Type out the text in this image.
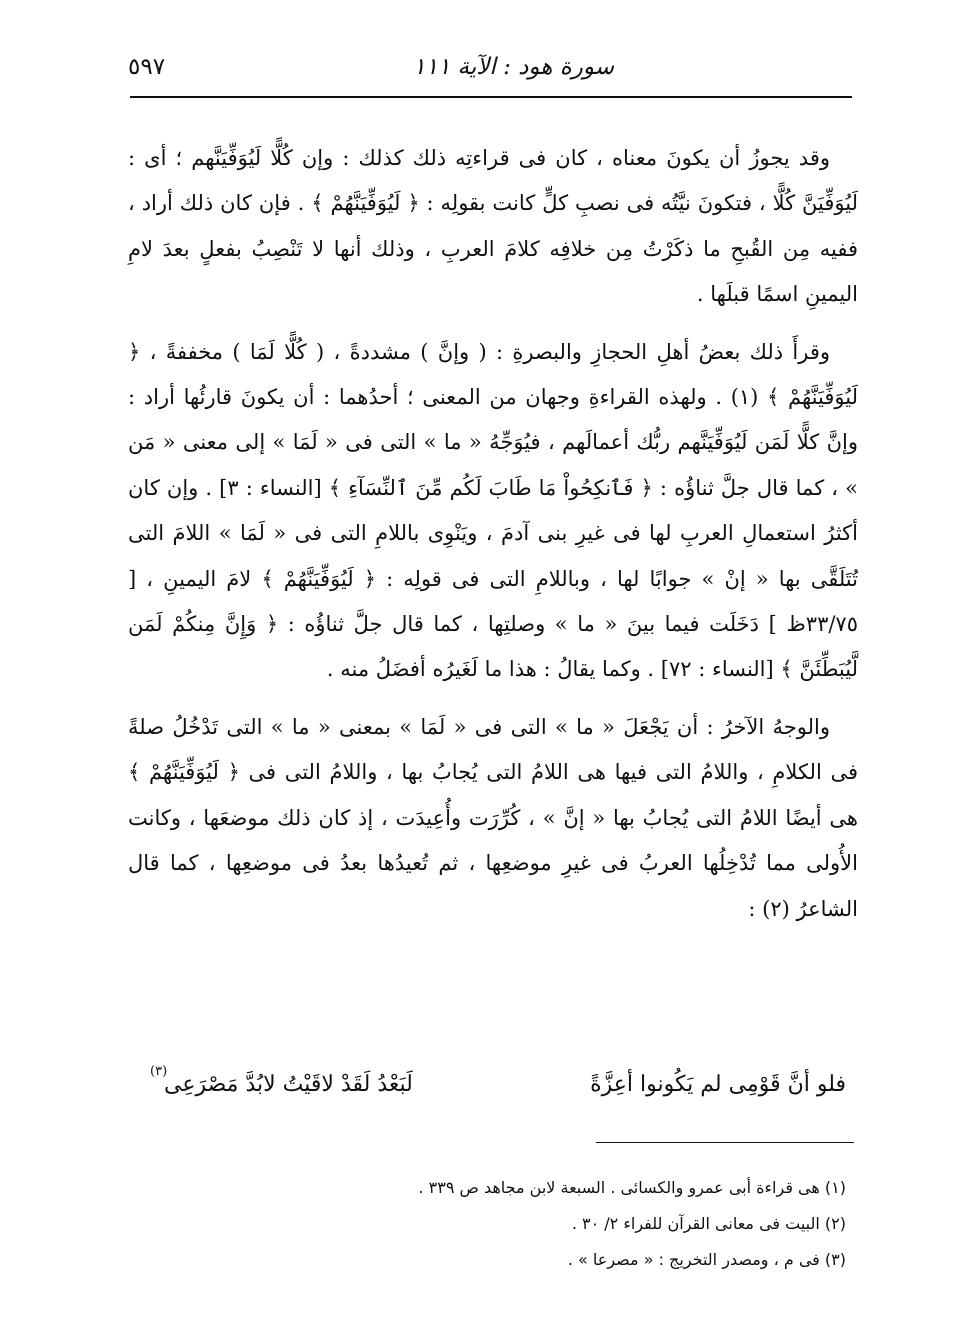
سورة هود : الآية ١١١
٥٩٧

وقد يجوزُ أن يكونَ معناه ، كان فى قراءتِه ذلك كذلك : وإن كُلًّا لَيُوَفِّيَنَّهم ؛ أى : لَيُوَفِّيَنَّ كُلًّا ، فتكونَ نيَّتُه فى نصبِ كلٍّ كانت بقولِه : ﴿ لَيُوَفِّيَنَّهُمْ ﴾ . فإن كان ذلك أراد ، ففيه مِن القُبحِ ما ذكَرْتُ مِن خلافِه كلامَ العربِ ، وذلك أنها لا تَنْصِبُ بفعلٍ بعدَ لامِ اليمينِ اسمًا قبلَها .

وقرأَ ذلك بعضُ أهلِ الحجازِ والبصرةِ : ( وإنَّ ) مشددةً ، ( كُلًّا لَمَا ) مخففةً ، ﴿ لَيُوَفِّيَنَّهُمْ ﴾ (١) . ولهذه القراءةِ وجهان من المعنى ؛ أحدُهما : أن يكونَ قارئُها أراد : وإنَّ كلًّا لَمَن لَيُوَفِّيَنَّهم ربُّك أعمالَهم ، فيُوَجِّهُ « ما » التى فى « لَمَا » إلى معنى « مَن » ، كما قال جلَّ ثناؤُه : ﴿ فَٱنكِحُواْ مَا طَابَ لَكُم مِّنَ ٱلنِّسَآءِ ﴾ [النساء : ٣] . وإن كان أكثرُ استعمالِ العربِ لها فى غيرِ بنى آدمَ ، ويَنْوِى باللامِ التى فى « لَمَا » اللامَ التى تُتَلَقَّى بها « إنْ » جوابًا لها ، وباللامِ التى فى قولِه : ﴿ لَيُوَفِّيَنَّهُمْ ﴾ لامَ اليمينِ ، [ ٣٣/٧٥ظ ] دَخَلَت فيما بينَ « ما » وصلتِها ، كما قال جلَّ ثناؤُه : ﴿ وَإِنَّ مِنكُمْ لَمَن لَّيُبَطِّئَنَّ ﴾ [النساء : ٧٢] . وكما يقالُ : هذا ما لَغَيرُه أفضَلُ منه .

والوجهُ الآخرُ : أن يَجْعَلَ « ما » التى فى « لَمَا » بمعنى « ما » التى تَدْخُلُ صلةً فى الكلامِ ، واللامُ التى فيها هى اللامُ التى يُجابُ بها ، واللامُ التى فى ﴿ لَيُوَفِّيَنَّهُمْ ﴾ هى أيضًا اللامُ التى يُجابُ بها « إنَّ » ، كُرِّرَت وأُعِيدَت ، إذ كان ذلك موضعَها ، وكانت الأُولى مما تُدْخِلُها العربُ فى غيرِ موضعِها ، ثم تُعيدُها بعدُ فى موضعِها ، كما قال الشاعرُ (٢) :

فلو أنَّ قَوْمِى لم يَكُونوا أعِزَّةً
لَبَعْدُ لَقَدْ لاقَيْتُ لابُدَّ مَصْرَعِى
(٣)
(١) هى قراءة أبى عمرو والكسائى . السبعة لابن مجاهد ص ٣٣٩ .
(٢) البيت فى معانى القرآن للفراء ٢/ ٣٠ .
(٣) فى م ، ومصدر التخريج : « مصرعا » .
